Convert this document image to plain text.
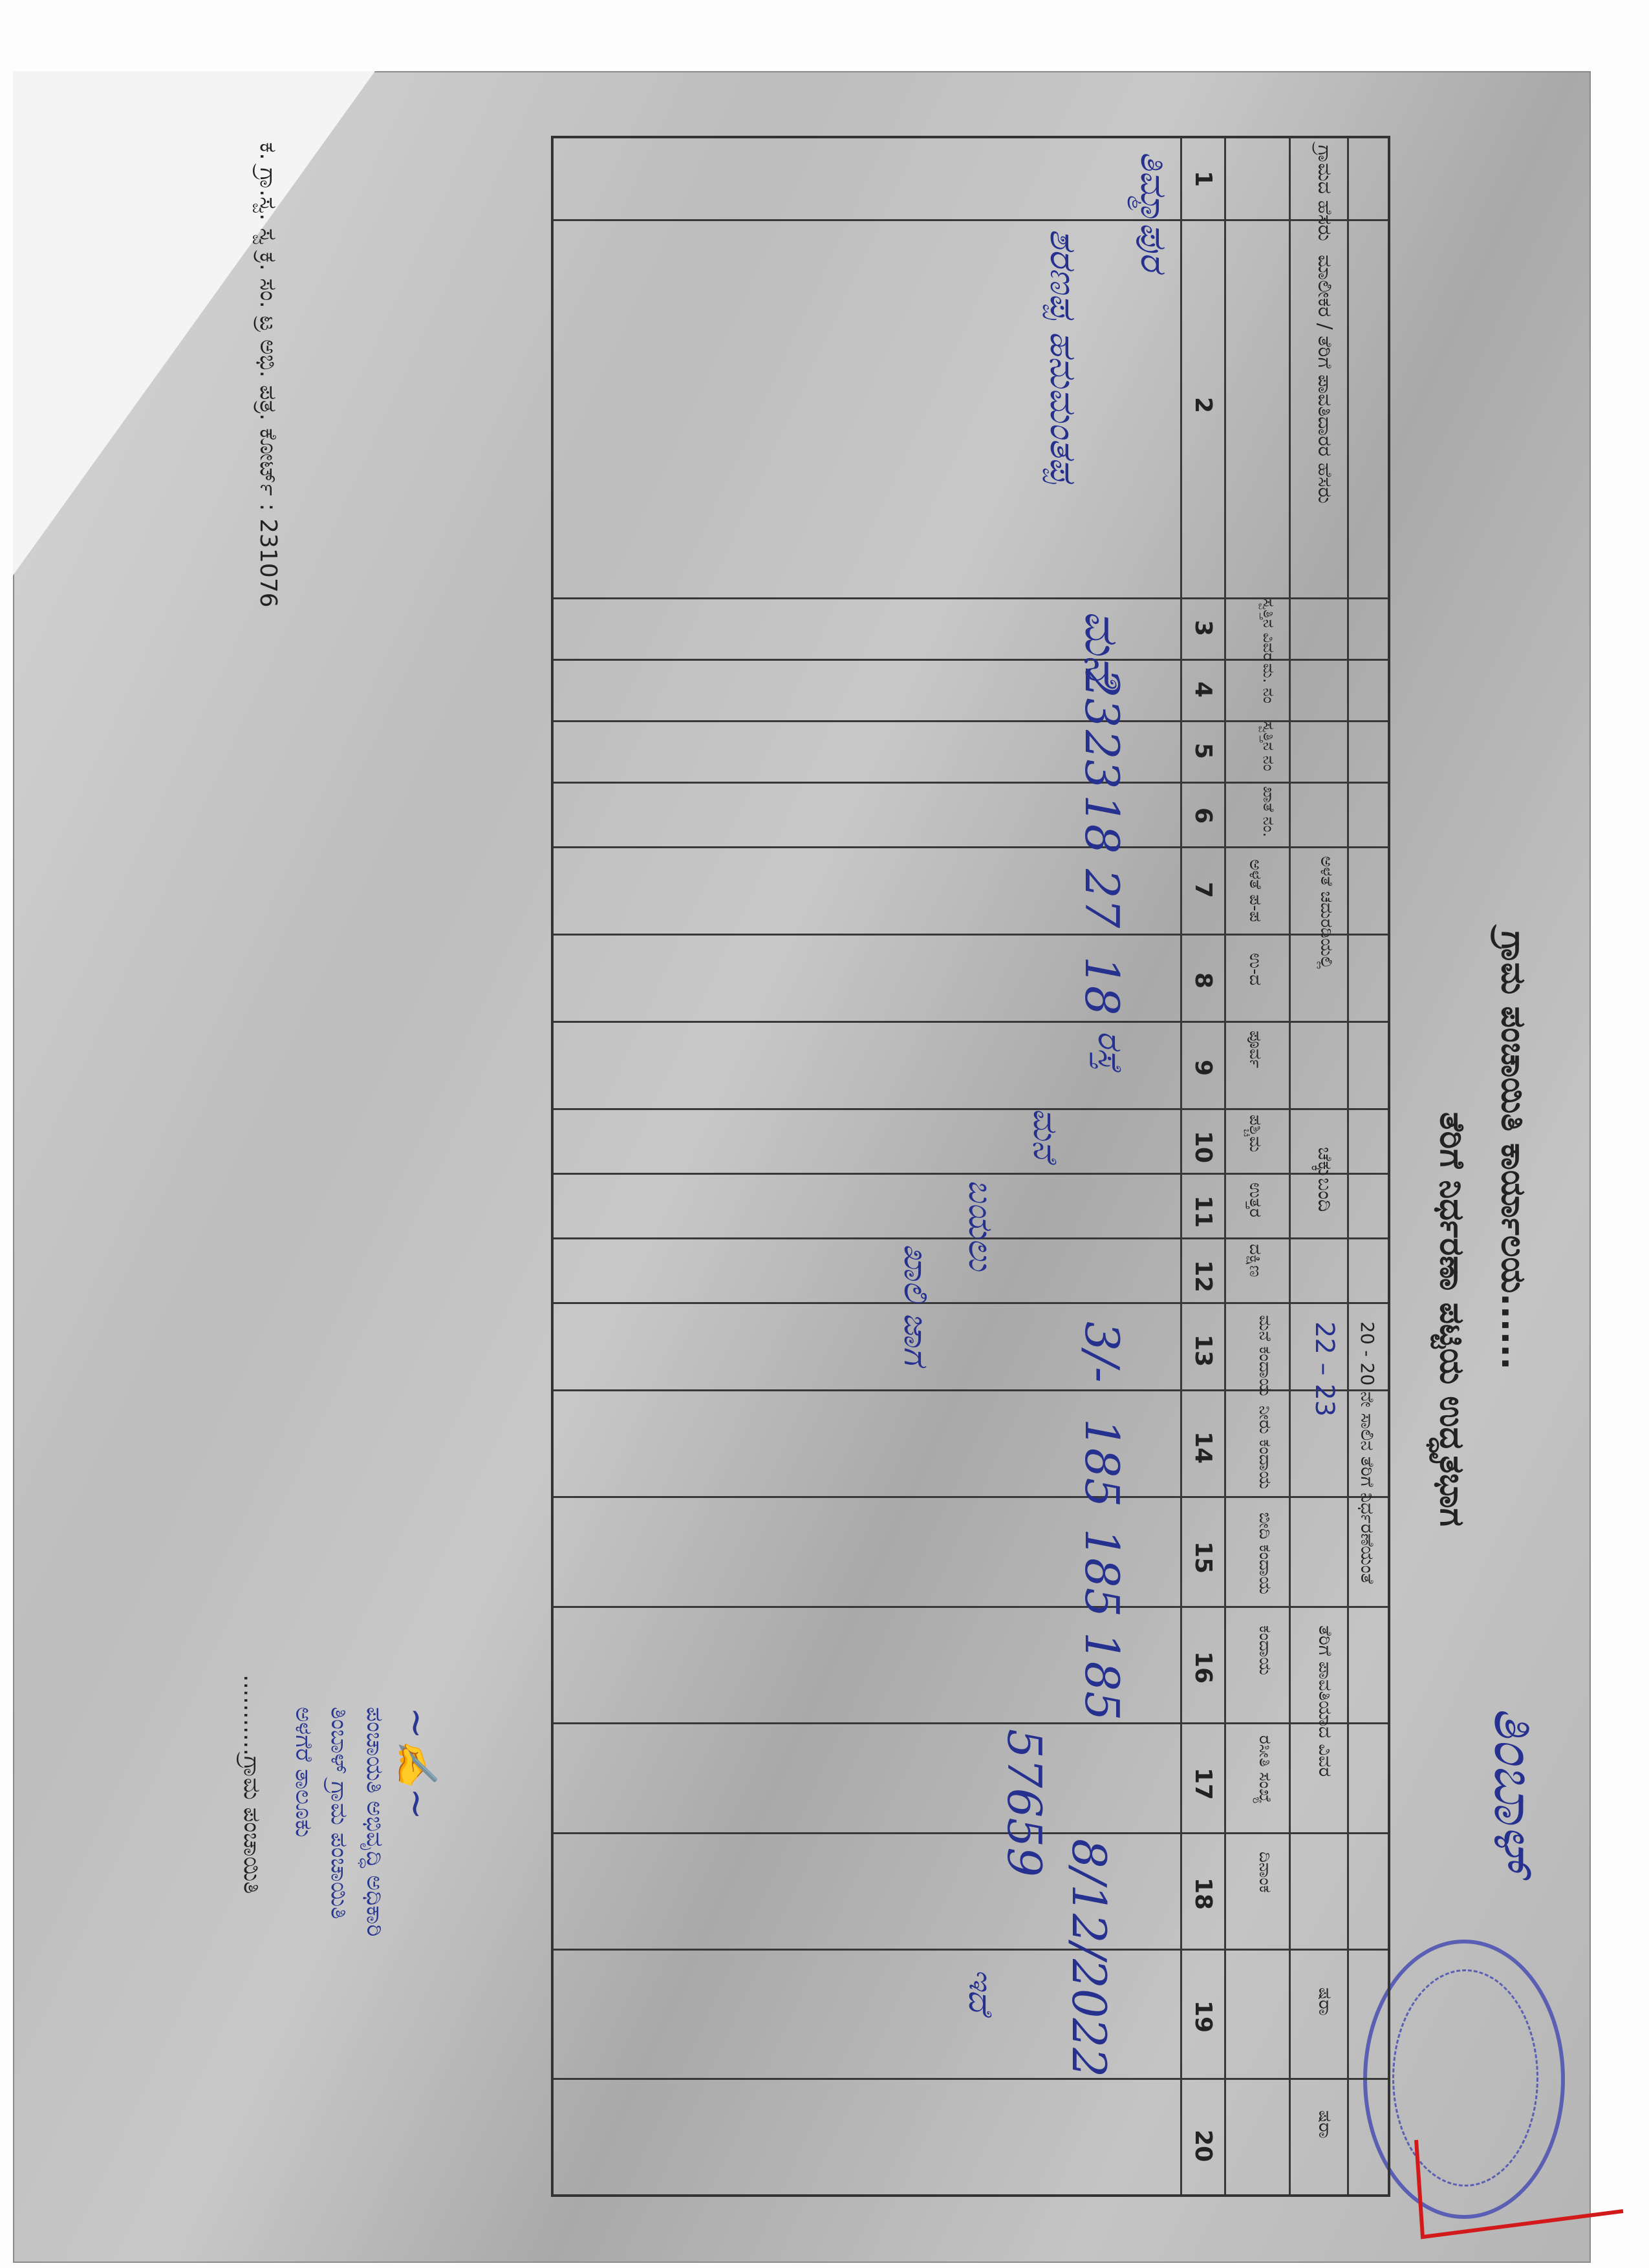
ಗ್ರಾಮ ಪಂಚಾಯಿತಿ ಕಾರ್ಯಾಲಯ......
ತಿಂಬಾಳ್
ತೆರಿಗೆ ನಿರ್ಧರಣಾ ಪಟ್ಟಿಯ ಉದ್ಧೃತಭಾಗ
ಗ್ರಾಮದ ಹೆಸರು
ಮಾಲೀಕರ / ತೆರಿಗೆ ಪಾವತಿದಾರರ ಹೆಸರು
ಸ್ವತ್ತಿನ ವಿವರ
ಮ. ನಂ
ಸ್ವತ್ತಿನ ನಂ
ಖಾತೆ ನಂ.
ಅಳತೆ ಚದುರಡಿಯಲ್ಲಿ
ಅಳತೆ ಪ-ಪ
ಉ-ದ
ಚೆಕ್ಕುಬಂದಿ
ಪೂರ್ವ
ಪಶ್ಚಿಮ
ಉತ್ತರ
ದಕ್ಷಿಣ
20 - 20 ನೇ ಸಾಲಿನ ತೆರಿಗೆ ನಿರ್ಧರಣೆಯಂತೆ
22 – 23
ಮನೆ ಕಂದಾಯ
ನೀರು ಕಂದಾಯ
ಬೀದಿ ಕಂದಾಯ
ತೆರಿಗೆ ಪಾವತಿಯಾದ ವಿವರ
ಕಂದಾಯ
ರಸೀತಿ ಸಂಖ್ಯೆ
ದಿನಾಂಕ
ಷರಾ
ಷರಾ
1
2
3
4
5
6
7
8
9
10
11
12
13
14
15
16
17
18
19
20
ತಿಮ್ಮಾಪುರ
ಶರಣಪ್ಪ ಹನುಮಂತಪ್ಪ
ಮನೆ
23
23
18
27
18
ರಸ್ತೆ
ಮನೆ
ಬಯಲು
ಖಾಲಿ ಜಾಗ	3/-
185
185
185
57659
8/12/2022
ಇದೆ
ಕ. ಗ್ರಾ.ಸ್ವ. ಸ್ವ ಕ್ರ. ಸಂ. ಟ್ರ ಅಭಿ. ಪತ್ರ. ಕೋರ್ಟ್ : 231076
~✍~
ಪಂಚಾಯತಿ ಅಭಿವೃದ್ಧಿ ಅಧಿಕಾರಿ
ತಿಂಬಾಳ್ ಗ್ರಾಮ ಪಂಚಾಯಿತಿ
ಅಳಗೆರೆ ತಾಲೂಕು
...........ಗ್ರಾಮ ಪಂಚಾಯಿತಿ
